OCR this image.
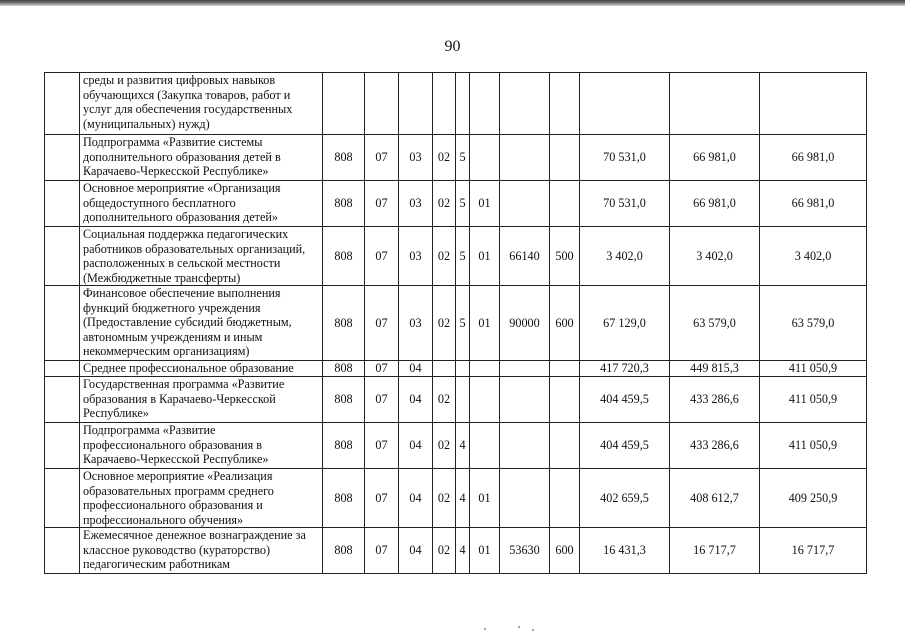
90
	среды и развития цифровых навыков обучающихся (Закупка товаров, работ и услуг для обеспечения государственных (муниципальных) нужд)											
	Подпрограмма «Развитие системы дополнительного образования детей в Карачаево-Черкесской Республике»	808	07	03	02	5				70 531,0	66 981,0	66 981,0
	Основное мероприятие «Организация общедоступного бесплатного дополнительного образования детей»	808	07	03	02	5	01			70 531,0	66 981,0	66 981,0
	Социальная поддержка педагогических работников образовательных организаций, расположенных в сельской местности (Межбюджетные трансферты)	808	07	03	02	5	01	66140	500	3 402,0	3 402,0	3 402,0
	Финансовое обеспечение выполнения функций бюджетного учреждения (Предоставление субсидий бюджетным, автономным учреждениям и иным некоммерческим организациям)	808	07	03	02	5	01	90000	600	67 129,0	63 579,0	63 579,0
	Среднее профессиональное образование	808	07	04						417 720,3	449 815,3	411 050,9
	Государственная программа «Развитие образования в Карачаево-Черкесской Республике»	808	07	04	02					404 459,5	433 286,6	411 050,9
	Подпрограмма «Развитие профессионального образования в Карачаево-Черкесской Республике»	808	07	04	02	4				404 459,5	433 286,6	411 050,9
	Основное мероприятие «Реализация образовательных программ среднего профессионального образования и профессионального обучения»	808	07	04	02	4	01			402 659,5	408 612,7	409 250,9
	Ежемесячное денежное вознаграждение за классное руководство (кураторство) педагогическим работникам	808	07	04	02	4	01	53630	600	16 431,3	16 717,7	16 717,7
